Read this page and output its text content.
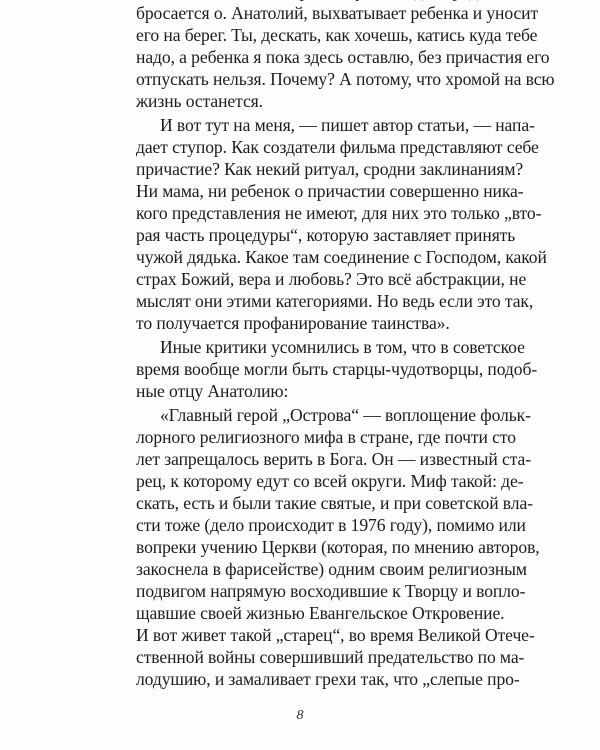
бросается о. Анатолий, выхватывает ребенка и уносит
его на берег. Ты, дескать, как хочешь, катись куда тебе
надо, а ребенка я пока здесь оставлю, без причастия его
отпускать нельзя. Почему? А потому, что хромой на всю
жизнь останется.
И вот тут на меня, — пишет автор статьи, — напа-
дает ступор. Как создатели фильма представляют себе
причастие? Как некий ритуал, сродни заклинаниям?
Ни мама, ни ребенок о причастии совершенно ника-
кого представления не имеют, для них это только „вто-
рая часть процедуры“, которую заставляет принять
чужой дядька. Какое там соединение с Господом, какой
страх Божий, вера и любовь? Это всё абстракции, не
мыслят они этими категориями. Но ведь если это так,
то получается профанирование таинства».
Иные критики усомнились в том, что в советское
время вообще могли быть старцы-чудотворцы, подоб-
ные отцу Анатолию:
«Главный герой „Острова“ — воплощение фольк-
лорного религиозного мифа в стране, где почти сто
лет запрещалось верить в Бога. Он — известный ста-
рец, к которому едут со всей округи. Миф такой: де-
скать, есть и были такие святые, и при советской вла-
сти тоже (дело происходит в 1976 году), помимо или
вопреки учению Церкви (которая, по мнению авторов,
закоснела в фарисействе) одним своим религиозным
подвигом напрямую восходившие к Творцу и вопло-
щавшие своей жизнью Евангельское Откровение.
И вот живет такой „старец“, во время Великой Отече-
ственной войны совершивший предательство по ма-
лодушию, и замаливает грехи так, что „слепые про-
8
